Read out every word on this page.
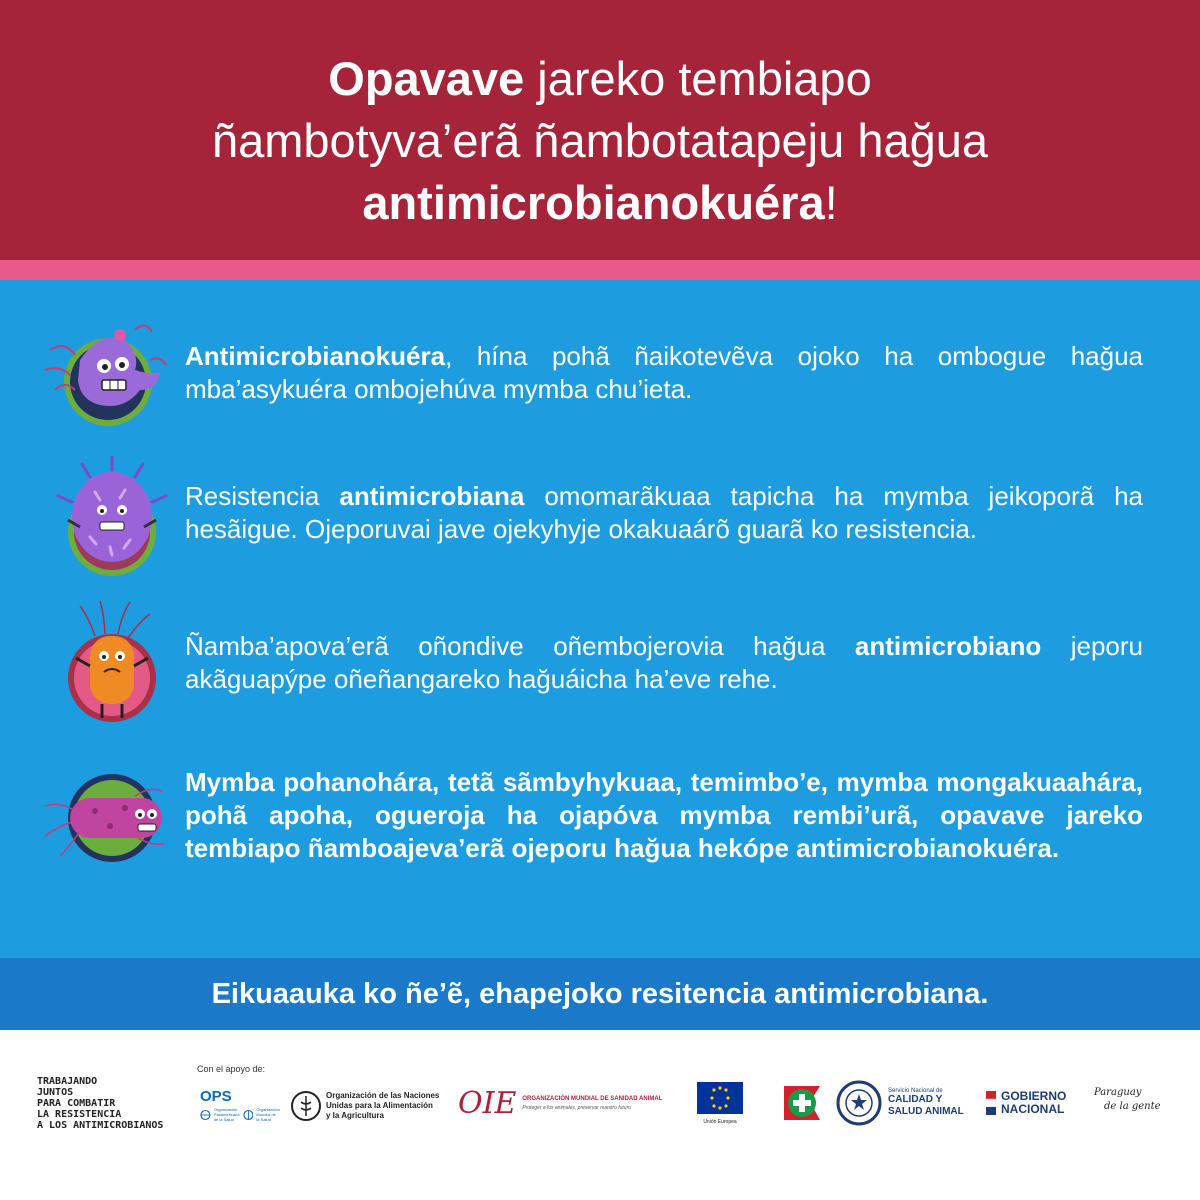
Opavave jareko tembiapo
ñambotyva’erã ñambotatapeju hağua
antimicrobianokuéra!
Antimicrobianokuéra, hína pohã ñaikotevẽva ojoko ha ombogue hağua mba’asykuéra ombojehúva mymba chu’ieta.
Resistencia antimicrobiana omomarãkuaa tapicha ha mymba jeikoporã ha hesãigue. Ojeporuvai jave ojekyhyje okakuaárõ guarã ko resistencia.
Ñamba’apova’erã oñondive oñembojerovia hağua antimicrobiano jeporu akãguapýpe oñeñangareko hağuáicha ha’eve rehe.
Mymba pohanohára, tetã sãmbyhykuaa, temimbo’e, mymba mongakuaahára, pohã apoha, ogueroja ha ojapóva mymba rembi’urã, opavave jareko tembiapo ñamboajeva’erã ojeporu hağua hekópe antimicrobianokuéra.
Eikuaauka ko ñe’ẽ, ehapejoko resitencia antimicrobiana.
TRABAJANDO
JUNTOS
PARA COMBATIR
LA RESISTENCIA
A LOS ANTIMICROBIANOS
Con el apoyo de:
OPS
Organización Panamericana de la Salud
Organización Mundial de la Salud
Organización de las Naciones
Unidas para la Alimentación
y la Agricultura	OIE ORGANIZACIÓN MUNDIAL DE SANIDAD ANIMAL
Proteger a los animales, preservar nuestro futuro
Unión Europea
Servicio Nacional de
CALIDAD Y
SALUD ANIMAL
GOBIERNO
NACIONAL
Paraguay
de la gente
